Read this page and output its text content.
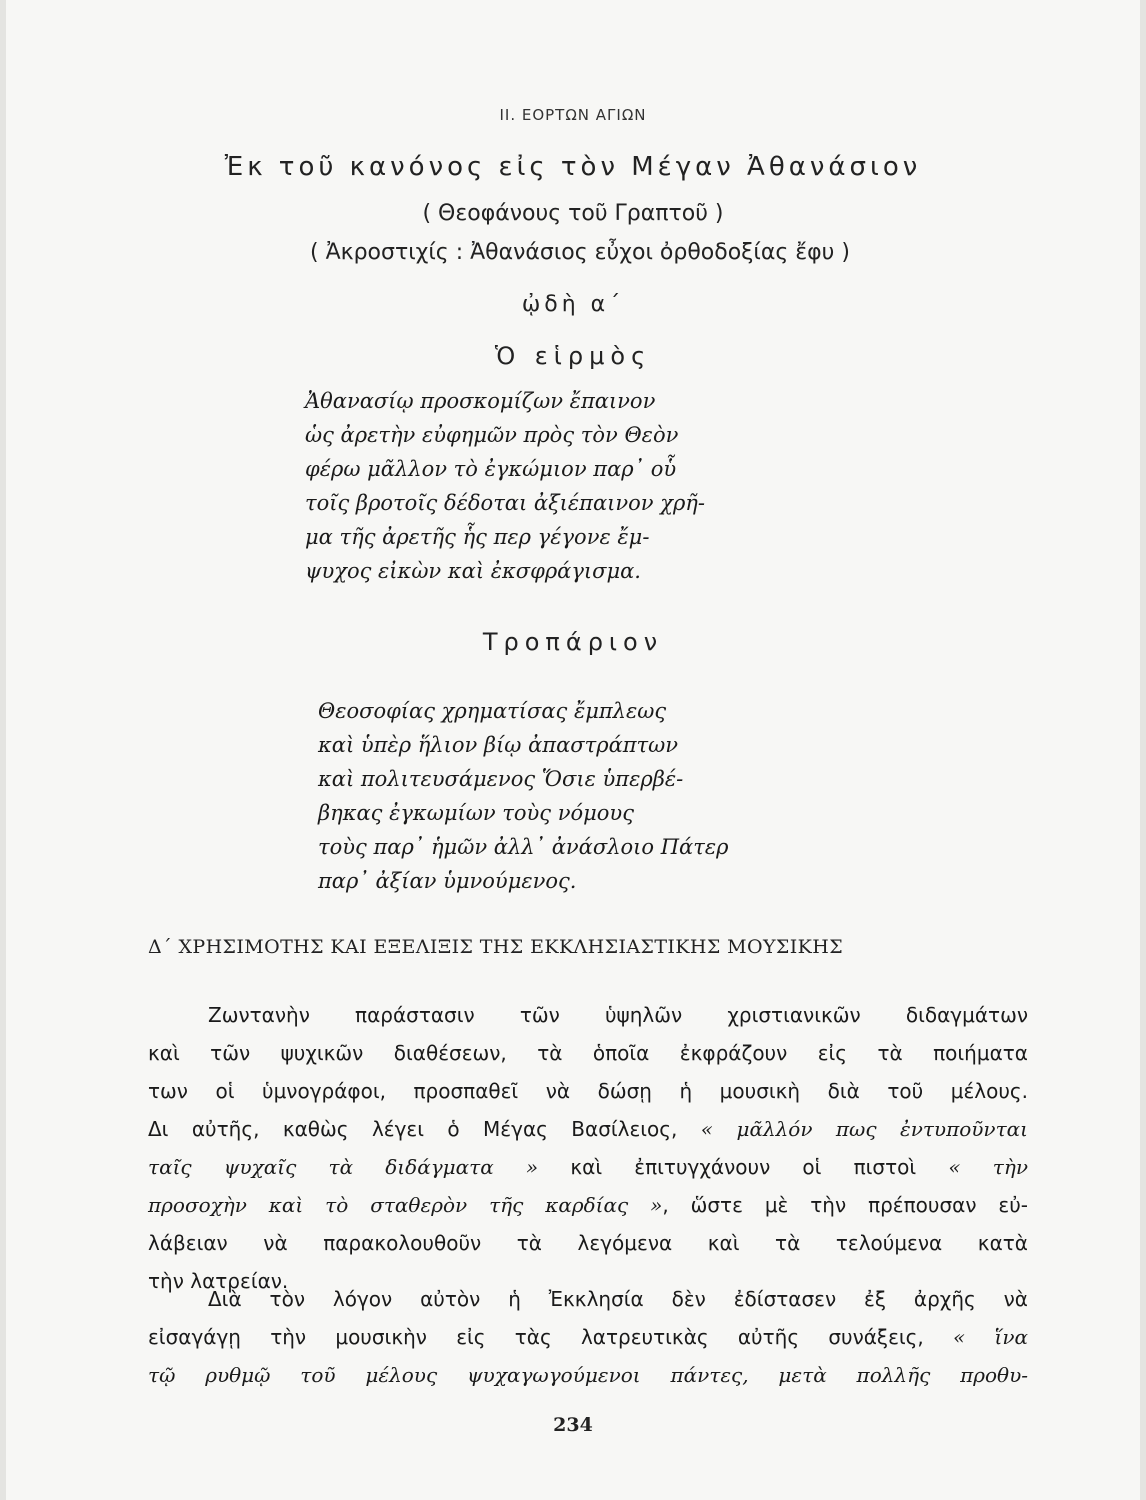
II. ΕΟΡΤΩΝ ΑΓΙΩΝ
Ἐκ τοῦ κανόνος εἰς τὸν Μέγαν Ἀθανάσιον
( Θεοφάνους τοῦ Γραπτοῦ )
( Ἀκροστιχίς : Ἀθανάσιος εὖχοι ὀρθοδοξίας ἔφυ )
ᾠδὴ α΄
Ὁ εἱρμὸς
Ἀθανασίῳ προσκομίζων ἔπαινον
ὡς ἀρετὴν εὐφημῶν πρὸς τὸν Θεὸν
φέρω μᾶλλον τὸ ἐγκώμιον παρ᾽ οὗ
τοῖς βροτοῖς δέδοται ἀξιέπαινον χρῆ-
μα τῆς ἀρετῆς ἧς περ γέγονε ἔμ-
ψυχος εἰκὼν καὶ ἐκσφράγισμα.
Τροπάριον
Θεοσοφίας χρηματίσας ἔμπλεως
καὶ ὑπὲρ ἥλιον βίῳ ἀπαστράπτων
καὶ πολιτευσάμενος Ὅσιε ὑπερβέ-
βηκας ἐγκωμίων τοὺς νόμους
τοὺς παρ᾽ ἡμῶν ἀλλ᾽ ἀνάσλοιο Πάτερ
παρ᾽ ἀξίαν ὑμνούμενος.
Δ΄ ΧΡΗΣΙΜΟΤΗΣ ΚΑΙ ΕΞΕΛΙΞΙΣ ΤΗΣ ΕΚΚΛΗΣΙΑΣΤΙΚΗΣ ΜΟΥΣΙΚΗΣ
Ζωντανὴν παράστασιν τῶν ὑψηλῶν χριστιανικῶν διδαγμάτων
καὶ τῶν ψυχικῶν διαθέσεων, τὰ ὁποῖα ἐκφράζουν εἰς τὰ ποιήματα
των οἱ ὑμνογράφοι, προσπαθεῖ νὰ δώσῃ ἡ μουσικὴ διὰ τοῦ μέλους.
Δι αὐτῆς, καθὼς λέγει ὁ Μέγας Βασίλειος, « μᾶλλόν πως ἐντυποῦνται
ταῖς ψυχαῖς τὰ διδάγματα » καὶ ἐπιτυγχάνουν οἱ πιστοὶ « τὴν
προσοχὴν καὶ τὸ σταθερὸν τῆς καρδίας », ὥστε μὲ τὴν πρέπουσαν εὐ-
λάβειαν νὰ παρακολουθοῦν τὰ λεγόμενα καὶ τὰ τελούμενα κατὰ
τὴν λατρείαν.
Διὰ τὸν λόγον αὐτὸν ἡ Ἐκκλησία δὲν ἐδίστασεν ἐξ ἀρχῆς νὰ
εἰσαγάγῃ τὴν μουσικὴν εἰς τὰς λατρευτικὰς αὐτῆς συνάξεις, « ἵνα
τῷ ρυθμῷ τοῦ μέλους ψυχαγωγούμενοι πάντες, μετὰ πολλῆς προθυ-
234
